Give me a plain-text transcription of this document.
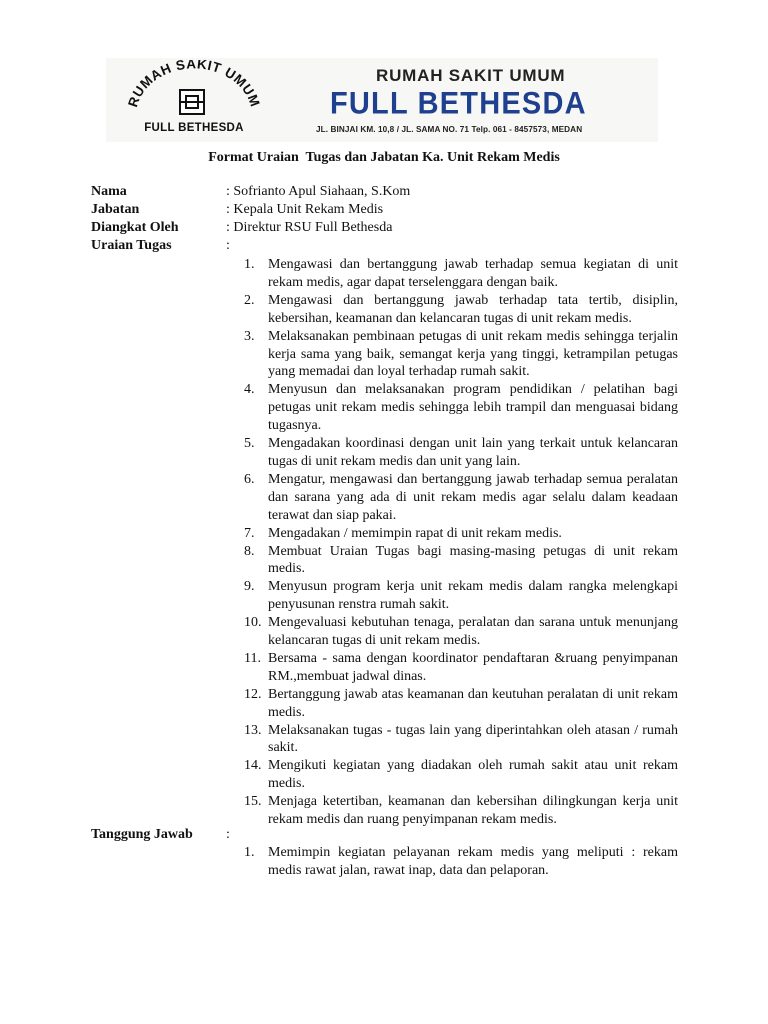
RUMAH SAKIT UMUM
FULL BETHESDA
RUMAH SAKIT UMUM
FULL BETHESDA
JL. BINJAI KM. 10,8 / JL. SAMA NO. 71 Telp. 061 - 8457573, MEDAN
Format Uraian  Tugas dan Jabatan Ka. Unit Rekam Medis
Nama	: Sofrianto Apul Siahaan, S.Kom
Jabatan	: Kepala Unit Rekam Medis
Diangkat Oleh	: Direktur RSU Full Bethesda
Uraian Tugas	:
1. Mengawasi dan bertanggung jawab terhadap semua kegiatan di unit rekam medis, agar dapat terselenggara dengan baik.
2. Mengawasi dan bertanggung jawab terhadap tata tertib, disiplin, kebersihan, keamanan dan kelancaran tugas di unit rekam medis.
3. Melaksanakan pembinaan petugas di unit rekam medis sehingga terjalin kerja sama yang baik, semangat kerja yang tinggi, ketrampilan petugas yang memadai dan loyal terhadap rumah sakit.
4. Menyusun dan melaksanakan program pendidikan / pelatihan bagi petugas unit rekam medis sehingga lebih trampil dan menguasai bidang tugasnya.
5. Mengadakan koordinasi dengan unit lain yang terkait untuk kelancaran tugas di unit rekam medis dan unit yang lain.
6. Mengatur, mengawasi dan bertanggung jawab terhadap semua peralatan dan sarana yang ada di unit rekam medis agar selalu dalam keadaan terawat dan siap pakai.
7. Mengadakan / memimpin rapat di unit rekam medis.
8. Membuat Uraian Tugas bagi masing-masing petugas di unit rekam medis.
9. Menyusun program kerja unit rekam medis dalam rangka melengkapi penyusunan renstra rumah sakit.
10. Mengevaluasi kebutuhan tenaga, peralatan dan sarana untuk menunjang kelancaran tugas di unit rekam medis.
11. Bersama - sama dengan koordinator pendaftaran &ruang penyimpanan RM.,membuat jadwal dinas.
12. Bertanggung jawab atas keamanan dan keutuhan peralatan di unit rekam medis.
13. Melaksanakan tugas - tugas lain yang diperintahkan oleh atasan / rumah sakit.
14. Mengikuti kegiatan yang diadakan oleh rumah sakit atau unit rekam medis.
15. Menjaga ketertiban, keamanan dan kebersihan dilingkungan kerja unit rekam medis dan ruang penyimpanan rekam medis.
Tanggung Jawab :
1. Memimpin kegiatan pelayanan rekam medis yang meliputi : rekam medis rawat jalan, rawat inap, data dan pelaporan.
